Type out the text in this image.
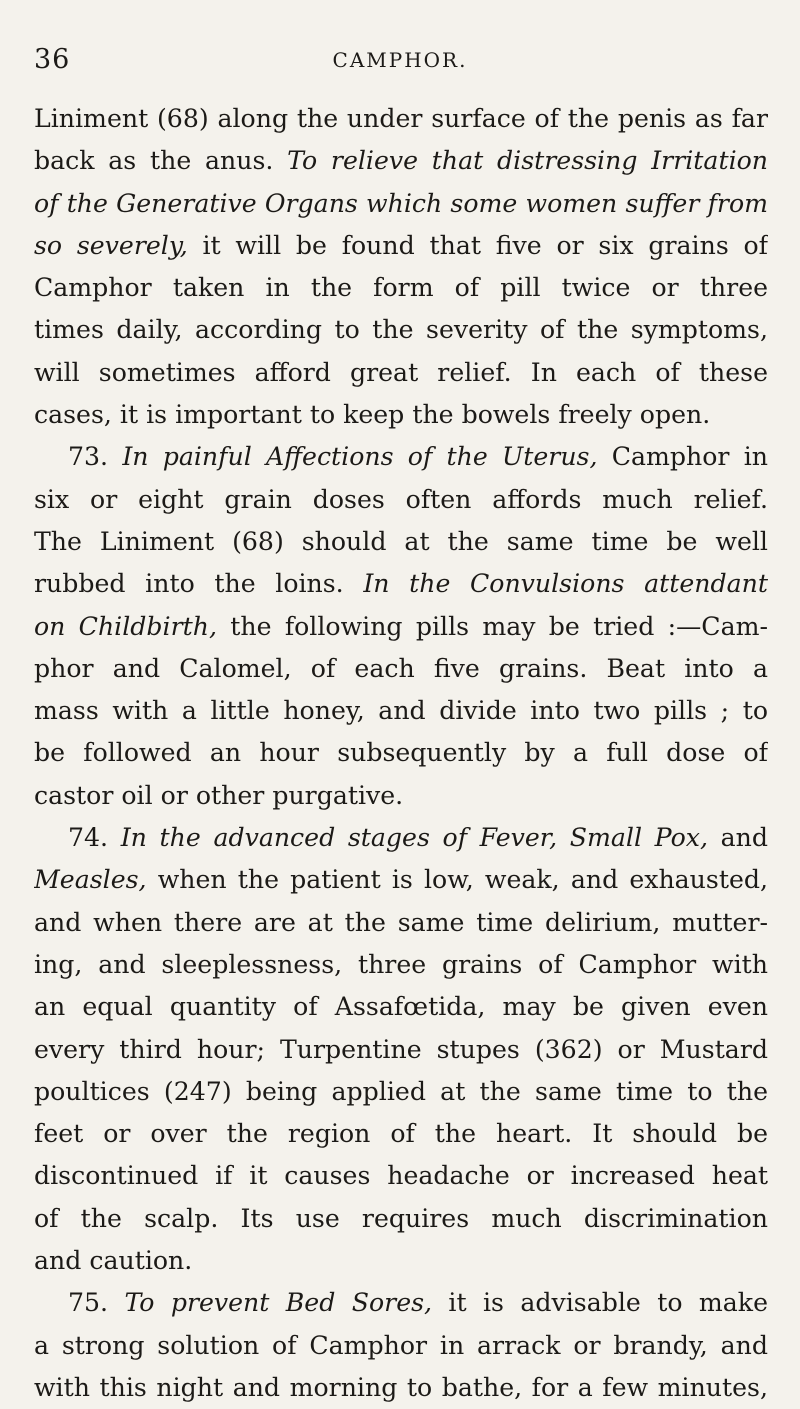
36	CAMPHOR.
Liniment (68) along the under surface of the penis as far
back as the anus. To relieve that distressing Irritation
of the Generative Organs which some women suffer from
so severely, it will be found that five or six grains of
Camphor taken in the form of pill twice or three
times daily, according to the severity of the symptoms,
will sometimes afford great relief. In each of these
cases, it is important to keep the bowels freely open.
73. In painful Affections of the Uterus, Camphor in
six or eight grain doses often affords much relief.
The Liniment (68) should at the same time be well
rubbed into the loins. In the Convulsions attendant
on Childbirth, the following pills may be tried :—Cam-
phor and Calomel, of each five grains. Beat into a
mass with a little honey, and divide into two pills ; to
be followed an hour subsequently by a full dose of
castor oil or other purgative.
74. In the advanced stages of Fever, Small Pox, and
Measles, when the patient is low, weak, and exhausted,
and when there are at the same time delirium, mutter-
ing, and sleeplessness, three grains of Camphor with
an equal quantity of Assafœtida, may be given even
every third hour; Turpentine stupes (362) or Mustard
poultices (247) being applied at the same time to the
feet or over the region of the heart. It should be
discontinued if it causes headache or increased heat
of the scalp. Its use requires much discrimination
and caution.
75. To prevent Bed Sores, it is advisable to make
a strong solution of Camphor in arrack or brandy, and
with this night and morning to bathe, for a few minutes,
